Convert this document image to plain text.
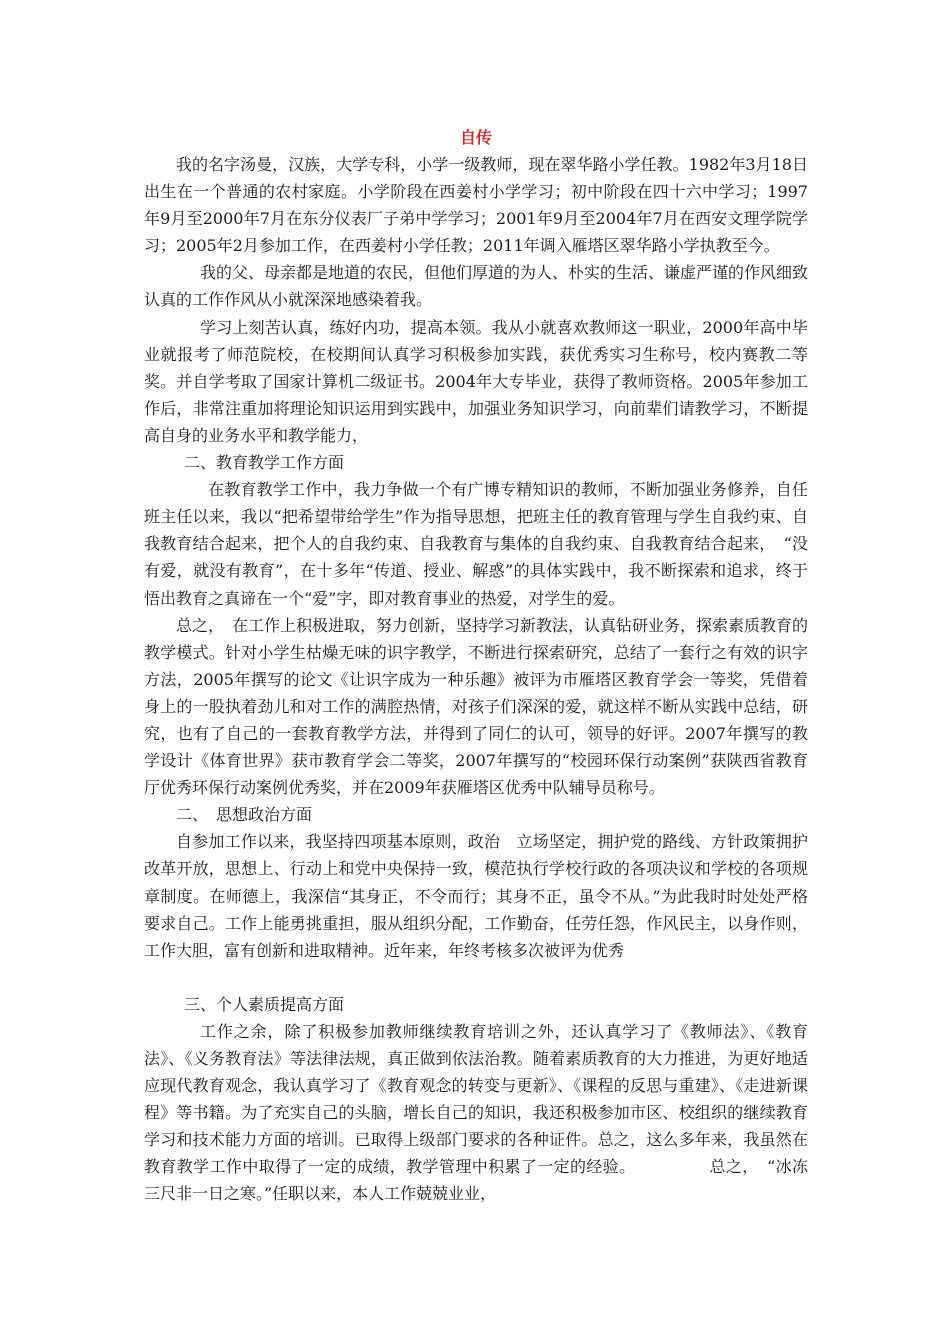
自传

我的名字汤曼，汉族，大学专科，小学一级教师，现在翠华路小学任教。1982年3月18日出生在一个普通的农村家庭。小学阶段在西姜村小学学习；初中阶段在四十六中学习；1997年9月至2000年7月在东分仪表厂子弟中学学习；2001年9月至2004年7月在西安文理学院学习；2005年2月参加工作，在西姜村小学任教；2011年调入雁塔区翠华路小学执教至今。

我的父、母亲都是地道的农民，但他们厚道的为人、朴实的生活、谦虚严谨的作风细致认真的工作作风从小就深深地感染着我。

学习上刻苦认真，练好内功，提高本领。我从小就喜欢教师这一职业，2000年高中毕业就报考了师范院校，在校期间认真学习积极参加实践，获优秀实习生称号，校内赛教二等奖。并自学考取了国家计算机二级证书。2004年大专毕业，获得了教师资格。2005年参加工作后，非常注重加将理论知识运用到实践中，加强业务知识学习，向前辈们请教学习，不断提高自身的业务水平和教学能力，

二、教育教学工作方面

在教育教学工作中，我力争做一个有广博专精知识的教师，不断加强业务修养，自任班主任以来，我以“把希望带给学生”作为指导思想，把班主任的教育管理与学生自我约束、自我教育结合起来，把个人的自我约束、自我教育与集体的自我约束、自我教育结合起来，　“没有爱，就没有教育”，在十多年“传道、授业、解惑”的具体实践中，我不断探索和追求，终于悟出教育之真谛在一个“爱”字，即对教育事业的热爱，对学生的爱。

总之，　在工作上积极进取，努力创新，坚持学习新教法，认真钻研业务，探索素质教育的教学模式。针对小学生枯燥无味的识字教学，不断进行探索研究，总结了一套行之有效的识字方法，2005年撰写的论文《让识字成为一种乐趣》被评为市雁塔区教育学会一等奖，凭借着身上的一股执着劲儿和对工作的满腔热情，对孩子们深深的爱，就这样不断从实践中总结，研究，也有了自己的一套教育教学方法，并得到了同仁的认可，领导的好评。2007年撰写的教学设计《体育世界》获市教育学会二等奖，2007年撰写的“校园环保行动案例”获陕西省教育厅优秀环保行动案例优秀奖，并在2009年获雁塔区优秀中队辅导员称号。

二、　思想政治方面

自参加工作以来，我坚持四项基本原则，政治　立场坚定，拥护党的路线、方针政策拥护改革开放，思想上、行动上和党中央保持一致，模范执行学校行政的各项决议和学校的各项规章制度。在师德上，我深信“其身正，不令而行；其身不正，虽令不从。”为此我时时处处严格要求自己。工作上能勇挑重担，服从组织分配，工作勤奋，任劳任怨，作风民主，以身作则，工作大胆，富有创新和进取精神。近年来，年终考核多次被评为优秀

三、个人素质提高方面

工作之余，除了积极参加教师继续教育培训之外，还认真学习了《教师法》、《教育法》、《义务教育法》等法律法规，真正做到依法治教。随着素质教育的大力推进，为更好地适应现代教育观念，我认真学习了《教育观念的转变与更新》、《课程的反思与重建》、《走进新课程》等书籍。为了充实自己的头脑，增长自己的知识，我还积极参加市区、校组织的继续教育学习和技术能力方面的培训。已取得上级部门要求的各种证件。总之，这么多年来，我虽然在教育教学工作中取得了一定的成绩，教学管理中积累了一定的经验。　　　　　总之，　“冰冻三尺非一日之寒。”任职以来，本人工作兢兢业业，
